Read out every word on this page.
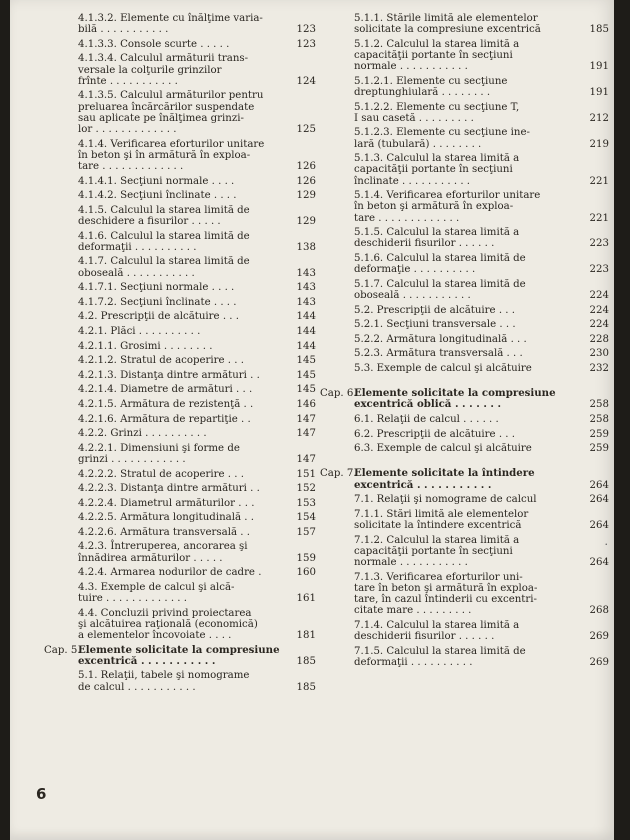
4.1.3.2. Elemente cu înălţime varia-
bilă . . . . . . . . . . .	123
4.1.3.3. Console scurte . . . . .	123
4.1.3.4. Calculul armăturii trans-
versale la colţurile grinzilor
frînte . . . . . . . . . . .	124
4.1.3.5. Calculul armăturilor pentru
preluarea încărcărilor suspendate
sau aplicate pe înălţimea grinzi-
lor . . . . . . . . . . . . .	125
4.1.4. Verificarea eforturilor unitare
în beton şi în armătură în exploa-
tare . . . . . . . . . . . . .	126
4.1.4.1. Secţiuni normale . . . .	126
4.1.4.2. Secţiuni înclinate . . . .	129
4.1.5. Calculul la starea limită de
deschidere a fisurilor . . . . .	129
4.1.6. Calculul la starea limită de
deformaţii . . . . . . . . . .	138
4.1.7. Calculul la starea limită de
oboseală . . . . . . . . . . .	143
4.1.7.1. Secţiuni normale . . . .	143
4.1.7.2. Secţiuni înclinate . . . .	143
4.2. Prescripţii de alcătuire . . .	144
4.2.1. Plăci . . . . . . . . . .	144
4.2.1.1. Grosimi . . . . . . . .	144
4.2.1.2. Stratul de acoperire . . .	145
4.2.1.3. Distanţa dintre armături . .	145
4.2.1.4. Diametre de armături . . .	145
4.2.1.5. Armătura de rezistenţă . .	146
4.2.1.6. Armătura de repartiţie . .	147
4.2.2. Grinzi . . . . . . . . . .	147
4.2.2.1. Dimensiuni şi forme de
grinzi . . . . . . . . . . . .	147
4.2.2.2. Stratul de acoperire . . .	151
4.2.2.3. Distanţa dintre armături . .	152
4.2.2.4. Diametrul armăturilor . . .	153
4.2.2.5. Armătura longitudinală . .	154
4.2.2.6. Armătura transversală . .	157
4.2.3. Întreruperea, ancorarea şi
înnădirea armăturilor . . . . .	159
4.2.4. Armarea nodurilor de cadre .	160
4.3. Exemple de calcul şi alcă-
tuire . . . . . . . . . . . . .	161
4.4. Concluzii privind proiectarea
şi alcătuirea raţională (economică)
a elementelor încovoiate . . . .	181
Cap. 5.
Elemente solicitate la compresiune
excentrică . . . . . . . . . . .	185
5.1. Relaţii, tabele şi nomograme
de calcul . . . . . . . . . . .	185
5.1.1. Stările limită ale elementelor
solicitate la compresiune excentrică	185
5.1.2. Calculul la starea limită a
capacităţii portante în secţiuni
normale . . . . . . . . . . .	191
5.1.2.1. Elemente cu secţiune
dreptunghiulară . . . . . . . .	191
5.1.2.2. Elemente cu secţiune T,
I sau casetă . . . . . . . . .	212
5.1.2.3. Elemente cu secţiune ine-
lară (tubulară) . . . . . . . .	219
5.1.3. Calculul la starea limită a
capacităţii portante în secţiuni
înclinate . . . . . . . . . . .	221
5.1.4. Verificarea eforturilor unitare
în beton şi armătură în exploa-
tare . . . . . . . . . . . . .	221
5.1.5. Calculul la starea limită a
deschiderii fisurilor . . . . . .	223
5.1.6. Calculul la starea limită de
deformaţie . . . . . . . . . .	223
5.1.7. Calculul la starea limită de
oboseală . . . . . . . . . . .	224
5.2. Prescripţii de alcătuire . . .	224
5.2.1. Secţiuni transversale . . .	224
5.2.2. Armătura longitudinală . . .	228
5.2.3. Armătura transversală . . .	230
5.3. Exemple de calcul şi alcătuire	232
Cap. 6.
Elemente solicitate la compresiune
excentrică oblică . . . . . . .	258
6.1. Relaţii de calcul . . . . . .	258
6.2. Prescripţii de alcătuire . . .	259
6.3. Exemple de calcul şi alcătuire	259
Cap. 7.
Elemente solicitate la întindere
excentrică . . . . . . . . . . .	264
7.1. Relaţii şi nomograme de calcul	264
7.1.1. Stări limită ale elementelor
solicitate la întindere excentrică	264
7.1.2. Calculul la starea limită a
capacităţii portante în secţiuni
normale . . . . . . . . . . .	264
7.1.3. Verificarea eforturilor uni-
tare în beton şi armătură în exploa-
tare, în cazul întinderii cu excentri-
citate mare . . . . . . . . .	268
7.1.4. Calculul la starea limită a
deschiderii fisurilor . . . . . .	269
7.1.5. Calculul la starea limită de
deformaţii . . . . . . . . . .	269
6
·
